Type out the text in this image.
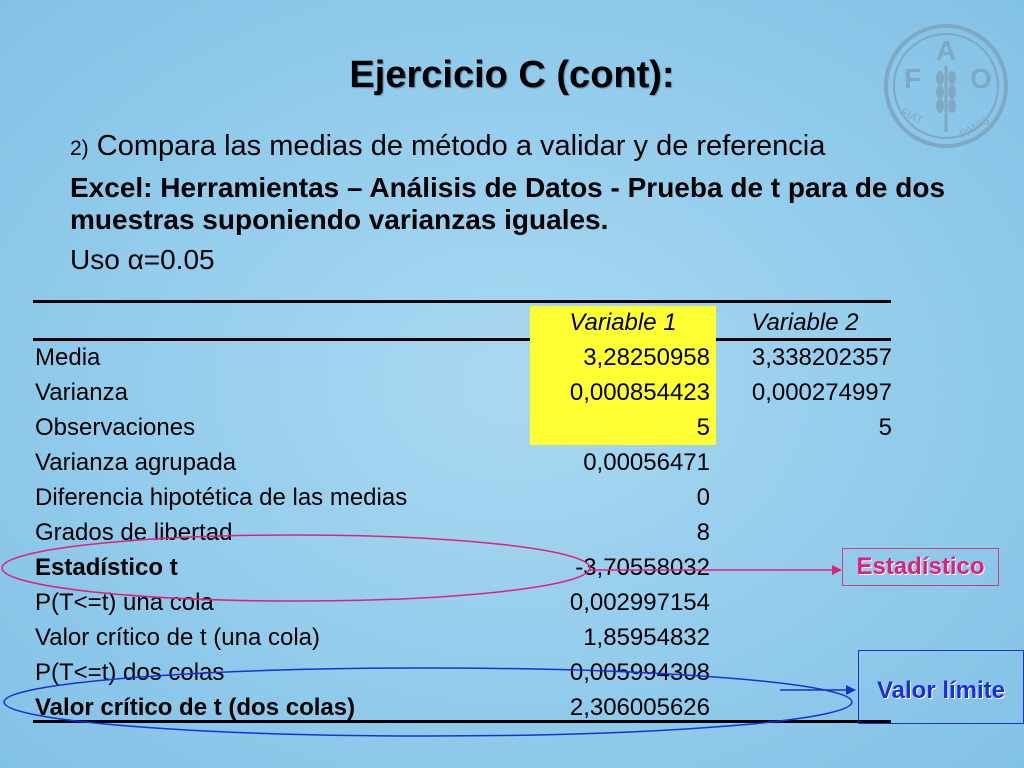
Ejercicio C (cont):	F
A
O
FIAT	PANIS
2) Compara las medias de método a validar y de referencia
Excel: Herramientas – Análisis de Datos - Prueba de t para de dos muestras suponiendo varianzas iguales.
Uso α=0.05
	Variable 1	Variable 2
Media	3,28250958	3,338202357
Varianza	0,000854423	0,000274997
Observaciones	5	5
Varianza agrupada	0,00056471	
Diferencia hipotética de las medias	0	
Grados de libertad	8	
Estadístico t	-3,70558032	
P(T<=t) una cola	0,002997154	
Valor crítico de t (una cola)	1,85954832	
P(T<=t) dos colas	0,005994308	
Valor crítico de t (dos colas)	2,306005626	
Estadístico
Valor límite
